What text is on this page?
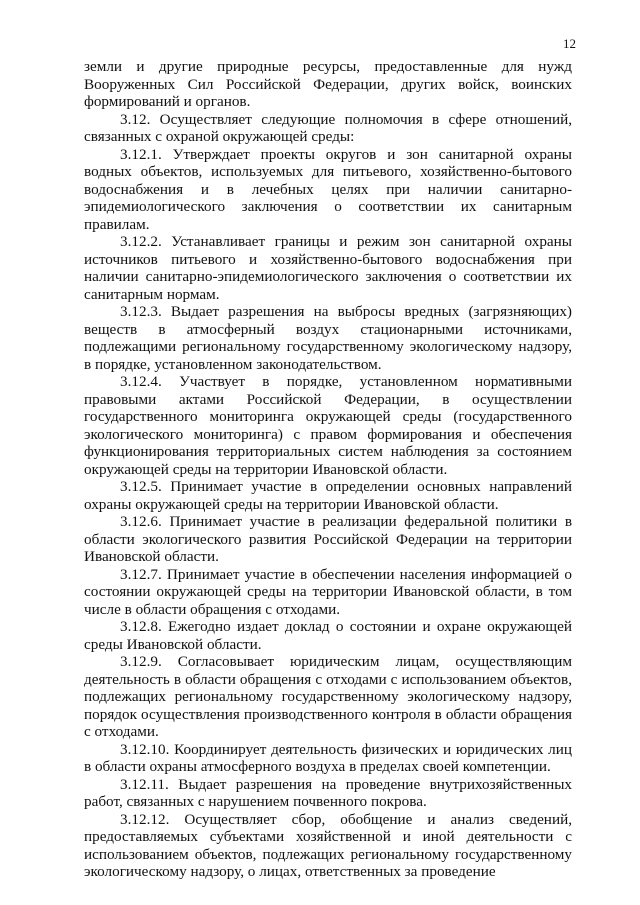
12

земли и другие природные ресурсы, предоставленные для нужд Вооруженных Сил Российской Федерации, других войск, воинских формирований и органов.

3.12. Осуществляет следующие полномочия в сфере отношений, связанных с охраной окружающей среды:

3.12.1. Утверждает проекты округов и зон санитарной охраны водных объектов, используемых для питьевого, хозяйственно-бытового водоснабжения и в лечебных целях при наличии санитарно-эпидемиологического заключения о соответствии их санитарным правилам.

3.12.2. Устанавливает границы и режим зон санитарной охраны источников питьевого и хозяйственно-бытового водоснабжения при наличии санитарно-эпидемиологического заключения о соответствии их санитарным нормам.

3.12.3. Выдает разрешения на выбросы вредных (загрязняющих) веществ в атмосферный воздух стационарными источниками, подлежащими региональному государственному экологическому надзору, в порядке, установленном законодательством.

3.12.4. Участвует в порядке, установленном нормативными правовыми актами Российской Федерации, в осуществлении государственного мониторинга окружающей среды (государственного экологического мониторинга) с правом формирования и обеспечения функционирования территориальных систем наблюдения за состоянием окружающей среды на территории Ивановской области.

3.12.5. Принимает участие в определении основных направлений охраны окружающей среды на территории Ивановской области.

3.12.6. Принимает участие в реализации федеральной политики в области экологического развития Российской Федерации на территории Ивановской области.

3.12.7. Принимает участие в обеспечении населения информацией о состоянии окружающей среды на территории Ивановской области, в том числе в области обращения с отходами.

3.12.8. Ежегодно издает доклад о состоянии и охране окружающей среды Ивановской области.

3.12.9. Согласовывает юридическим лицам, осуществляющим деятельность в области обращения с отходами с использованием объектов, подлежащих региональному государственному экологическому надзору, порядок осуществления производственного контроля в области обращения с отходами.

3.12.10. Координирует деятельность физических и юридических лиц в области охраны атмосферного воздуха в пределах своей компетенции.

3.12.11. Выдает разрешения на проведение внутрихозяйственных работ, связанных с нарушением почвенного покрова.

3.12.12. Осуществляет сбор, обобщение и анализ сведений, предоставляемых субъектами хозяйственной и иной деятельности с использованием объектов, подлежащих региональному государственному экологическому надзору, о лицах, ответственных за проведение
